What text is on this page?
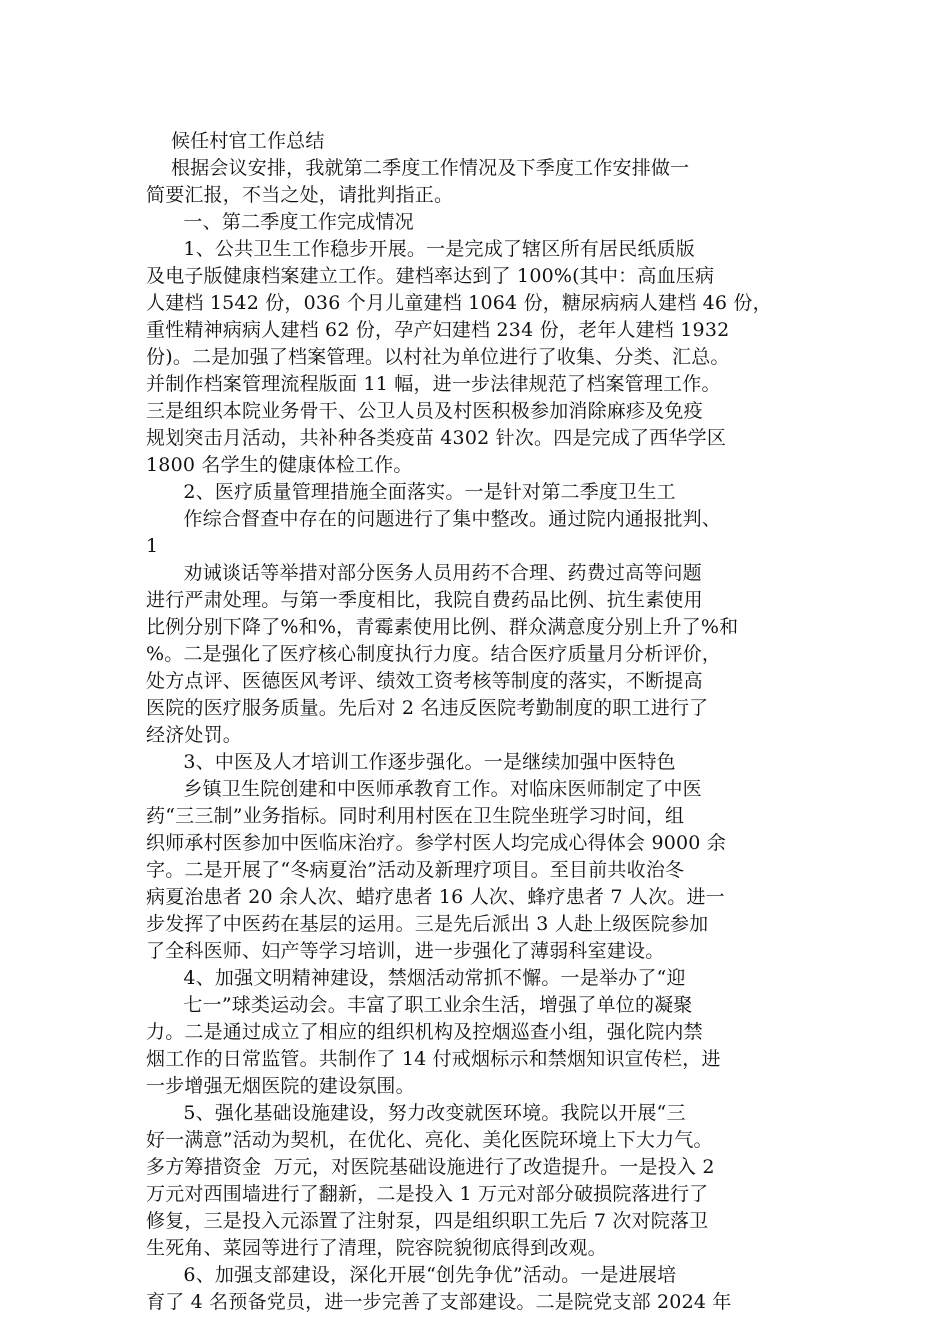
候任村官工作总结
根据会议安排，我就第二季度工作情况及下季度工作安排做一
简要汇报，不当之处，请批判指正。
一、第二季度工作完成情况
1、公共卫生工作稳步开展。一是完成了辖区所有居民纸质版
及电子版健康档案建立工作。建档率达到了 100%(其中：高血压病
人建档 1542 份，036 个月儿童建档 1064 份，糖尿病病人建档 46 份，
重性精神病病人建档 62 份，孕产妇建档 234 份，老年人建档 1932
份)。二是加强了档案管理。以村社为单位进行了收集、分类、汇总。
并制作档案管理流程版面 11 幅，进一步法律规范了档案管理工作。
三是组织本院业务骨干、公卫人员及村医积极参加消除麻疹及免疫
规划突击月活动，共补种各类疫苗 4302 针次。四是完成了西华学区
1800 名学生的健康体检工作。
2、医疗质量管理措施全面落实。一是针对第二季度卫生工
作综合督查中存在的问题进行了集中整改。通过院内通报批判、
1
劝诫谈话等举措对部分医务人员用药不合理、药费过高等问题
进行严肃处理。与第一季度相比，我院自费药品比例、抗生素使用
比例分别下降了%和%，青霉素使用比例、群众满意度分别上升了%和
%。二是强化了医疗核心制度执行力度。结合医疗质量月分析评价，
处方点评、医德医风考评、绩效工资考核等制度的落实，不断提高
医院的医疗服务质量。先后对 2 名违反医院考勤制度的职工进行了
经济处罚。
3、中医及人才培训工作逐步强化。一是继续加强中医特色
乡镇卫生院创建和中医师承教育工作。对临床医师制定了中医
药“三三制”业务指标。同时利用村医在卫生院坐班学习时间，组
织师承村医参加中医临床治疗。参学村医人均完成心得体会 9000 余
字。二是开展了“冬病夏治”活动及新理疗项目。至目前共收治冬
病夏治患者 20 余人次、蜡疗患者 16 人次、蜂疗患者 7 人次。进一
步发挥了中医药在基层的运用。三是先后派出 3 人赴上级医院参加
了全科医师、妇产等学习培训，进一步强化了薄弱科室建设。
4、加强文明精神建设，禁烟活动常抓不懈。一是举办了“迎
七一”球类运动会。丰富了职工业余生活，增强了单位的凝聚
力。二是通过成立了相应的组织机构及控烟巡查小组，强化院内禁
烟工作的日常监管。共制作了 14 付戒烟标示和禁烟知识宣传栏，进
一步增强无烟医院的建设氛围。
5、强化基础设施建设，努力改变就医环境。我院以开展“三
好一满意”活动为契机，在优化、亮化、美化医院环境上下大力气。
多方筹措资金  万元，对医院基础设施进行了改造提升。一是投入 2
万元对西围墙进行了翻新，二是投入 1 万元对部分破损院落进行了
修复，三是投入元添置了注射泵，四是组织职工先后 7 次对院落卫
生死角、菜园等进行了清理，院容院貌彻底得到改观。
6、加强支部建设，深化开展“创先争优”活动。一是进展培
育了 4 名预备党员，进一步完善了支部建设。二是院党支部 2024 年
